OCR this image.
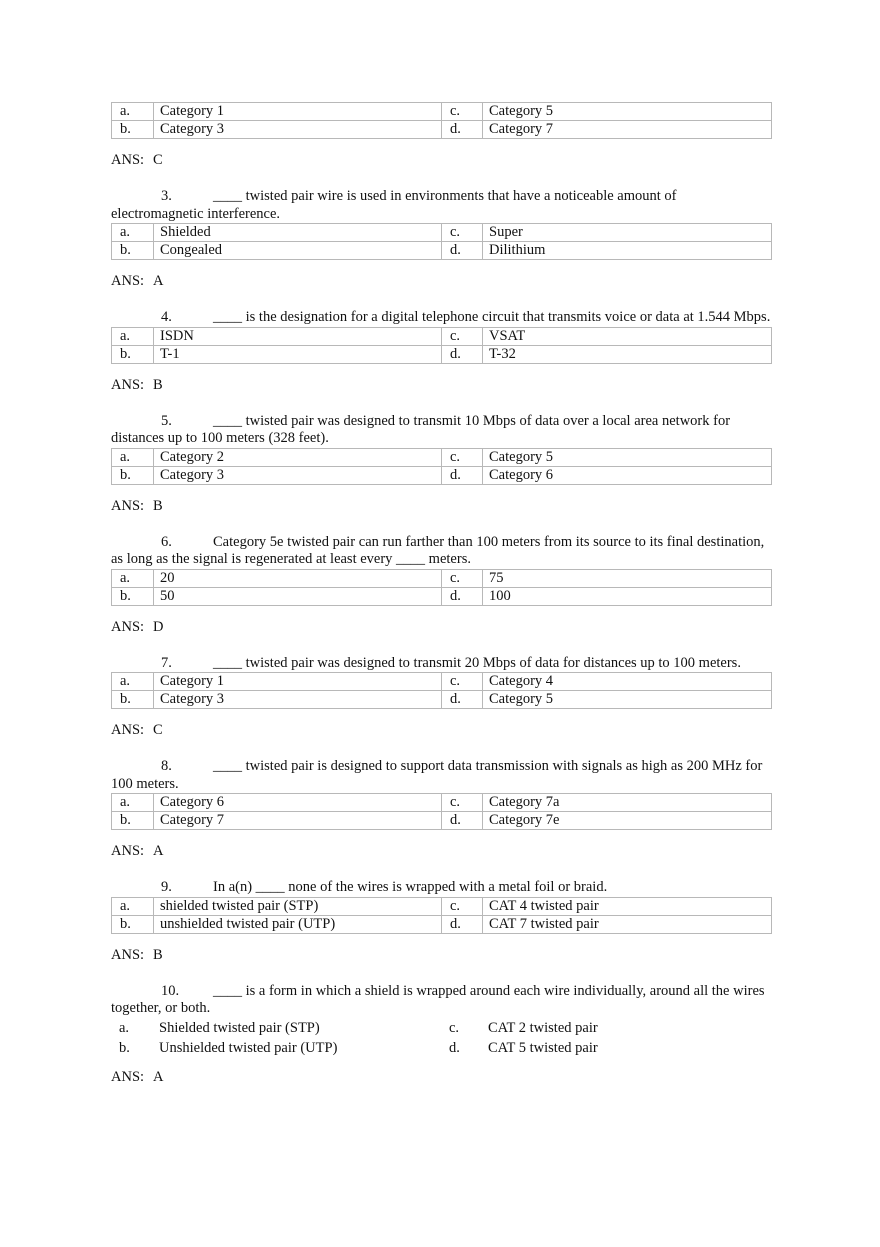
a.	Category 1	c.	Category 5
b.	Category 3	d.	Category 7
ANS: C
3.	____ twisted pair wire is used in environments that have a noticeable amount of electromagnetic interference.
a.	Shielded	c.	Super
b.	Congealed	d.	Dilithium
ANS: A
4.	____ is the designation for a digital telephone circuit that transmits voice or data at 1.544 Mbps.
a.	ISDN	c.	VSAT
b.	T-1	d.	T-32
ANS: B
5.	____ twisted pair was designed to transmit 10 Mbps of data over a local area network for distances up to 100 meters (328 feet).
a.	Category 2	c.	Category 5
b.	Category 3	d.	Category 6
ANS: B
6.	Category 5e twisted pair can run farther than 100 meters from its source to its final destination, as long as the signal is regenerated at least every ____ meters.
a.	20	c.	75
b.	50	d.	100
ANS: D
7.	____ twisted pair was designed to transmit 20 Mbps of data for distances up to 100 meters.
a.	Category 1	c.	Category 4
b.	Category 3	d.	Category 5
ANS: C
8.	____ twisted pair is designed to support data transmission with signals as high as 200 MHz for 100 meters.
a.	Category 6	c.	Category 7a
b.	Category 7	d.	Category 7e
ANS: A
9.	In a(n) ____ none of the wires is wrapped with a metal foil or braid.
a.	shielded twisted pair (STP)	c.	CAT 4 twisted pair
b.	unshielded twisted pair (UTP)	d.	CAT 7 twisted pair
ANS: B
10. ____ is a form in which a shield is wrapped around each wire individually, around all the wires together, or both.
a.	Shielded twisted pair (STP)	c.	CAT 2 twisted pair
b.	Unshielded twisted pair (UTP)	d.	CAT 5 twisted pair
ANS: A
